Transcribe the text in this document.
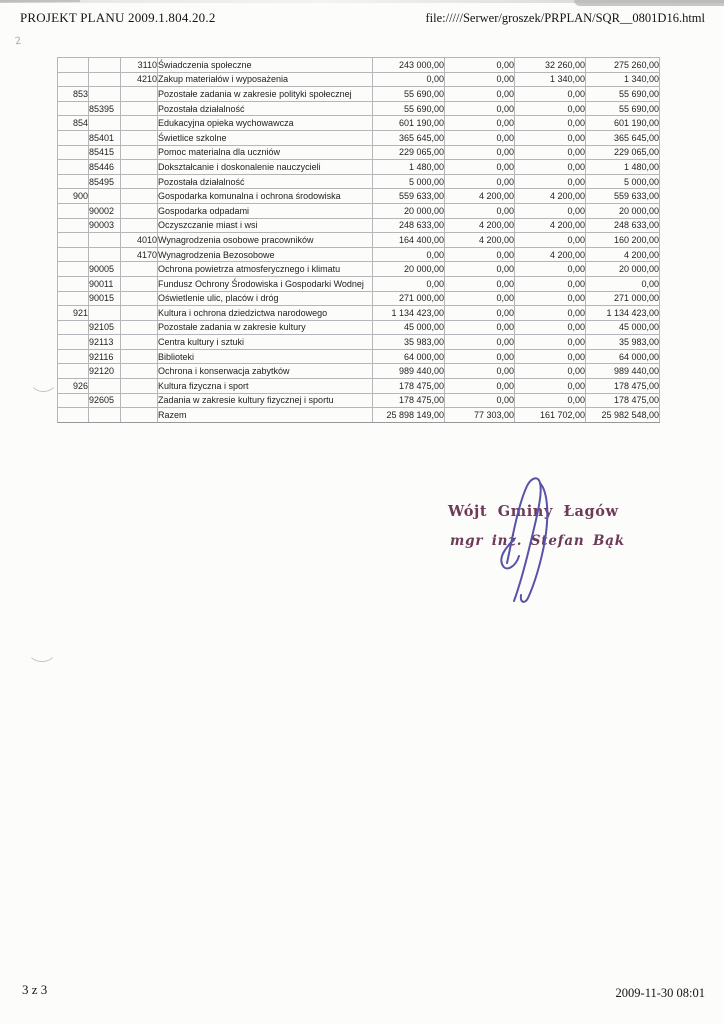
PROJEKT PLANU 2009.1.804.20.2	file://///Serwer/groszek/PRPLAN/SQR__0801D16.html
2
		3110	Świadczenia społeczne	243 000,00	0,00	32 260,00	275 260,00
		4210	Zakup materiałów i wyposażenia	0,00	0,00	1 340,00	1 340,00
853			Pozostałe zadania w zakresie polityki społecznej	55 690,00	0,00	0,00	55 690,00
	85395		Pozostała działalność	55 690,00	0,00	0,00	55 690,00
854			Edukacyjna opieka wychowawcza	601 190,00	0,00	0,00	601 190,00
	85401		Świetlice szkolne	365 645,00	0,00	0,00	365 645,00
	85415		Pomoc materialna dla uczniów	229 065,00	0,00	0,00	229 065,00
	85446		Dokształcanie i doskonalenie nauczycieli	1 480,00	0,00	0,00	1 480,00
	85495		Pozostała działalność	5 000,00	0,00	0,00	5 000,00
900			Gospodarka komunalna i ochrona środowiska	559 633,00	4 200,00	4 200,00	559 633,00
	90002		Gospodarka odpadami	20 000,00	0,00	0,00	20 000,00
	90003		Oczyszczanie miast i wsi	248 633,00	4 200,00	4 200,00	248 633,00
		4010	Wynagrodzenia osobowe pracowników	164 400,00	4 200,00	0,00	160 200,00
		4170	Wynagrodzenia Bezosobowe	0,00	0,00	4 200,00	4 200,00
	90005		Ochrona powietrza atmosferycznego i klimatu	20 000,00	0,00	0,00	20 000,00
	90011		Fundusz Ochrony Środowiska i Gospodarki Wodnej	0,00	0,00	0,00	0,00
	90015		Oświetlenie ulic, placów i dróg	271 000,00	0,00	0,00	271 000,00
921			Kultura i ochrona dziedzictwa narodowego	1 134 423,00	0,00	0,00	1 134 423,00
	92105		Pozostałe zadania w zakresie kultury	45 000,00	0,00	0,00	45 000,00
	92113		Centra kultury i sztuki	35 983,00	0,00	0,00	35 983,00
	92116		Biblioteki	64 000,00	0,00	0,00	64 000,00
	92120		Ochrona i konserwacja zabytków	989 440,00	0,00	0,00	989 440,00
926			Kultura fizyczna i sport	178 475,00	0,00	0,00	178 475,00
	92605		Zadania w zakresie kultury fizycznej i sportu	178 475,00	0,00	0,00	178 475,00
			Razem	25 898 149,00	77 303,00	161 702,00	25 982 548,00
Wójt Gminy Łagów
mgr inż. Stefan Bąk
3 z 3	2009-11-30 08:01
